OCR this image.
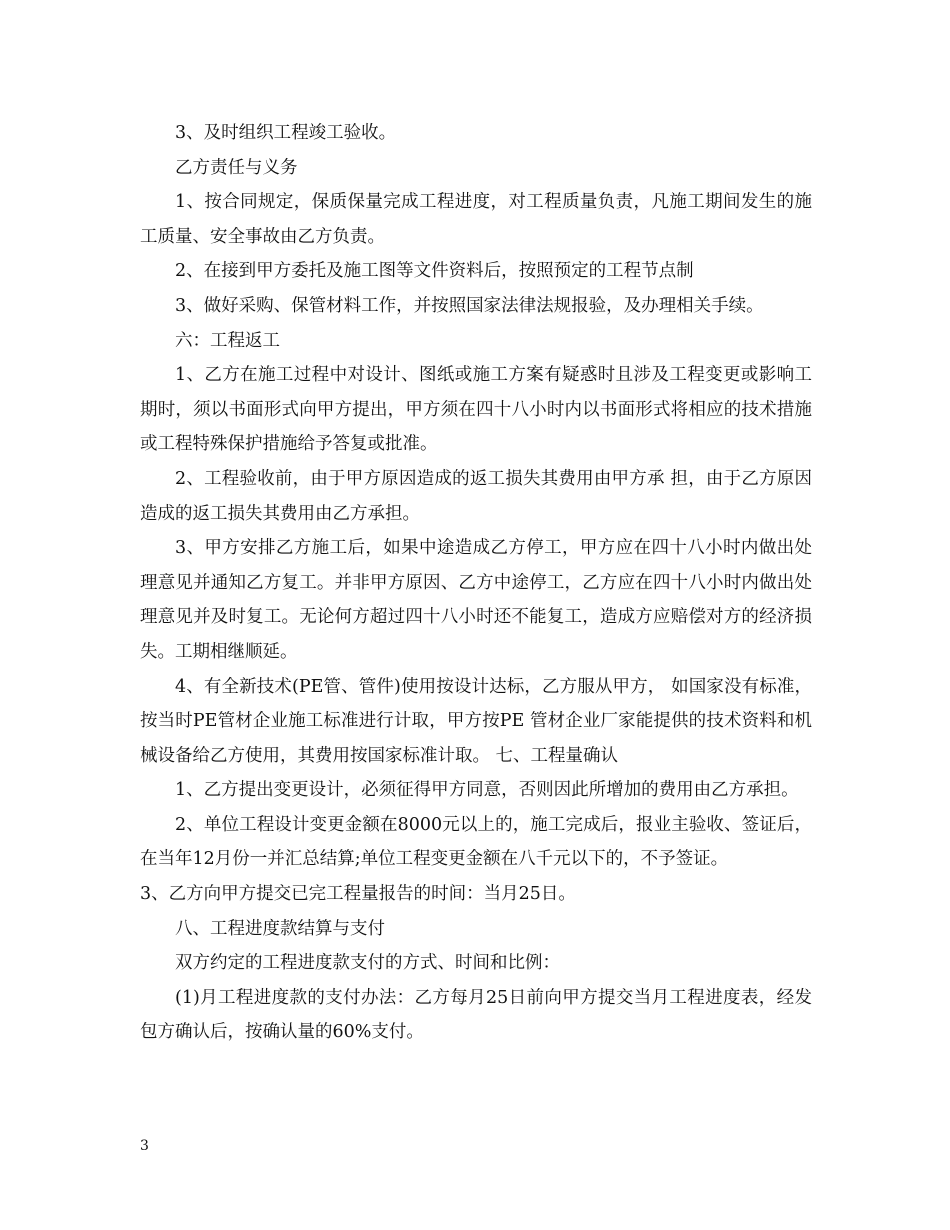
3、及时组织工程竣工验收。

乙方责任与义务

1、按合同规定，保质保量完成工程进度，对工程质量负责，凡施工期间发生的施工质量、安全事故由乙方负责。

2、在接到甲方委托及施工图等文件资料后，按照预定的工程节点制

3、做好采购、保管材料工作，并按照国家法律法规报验，及办理相关手续。

六：工程返工

1、乙方在施工过程中对设计、图纸或施工方案有疑惑时且涉及工程变更或影响工期时，须以书面形式向甲方提出，甲方须在四十八小时内以书面形式将相应的技术措施或工程特殊保护措施给予答复或批准。

2、工程验收前，由于甲方原因造成的返工损失其费用由甲方承 担，由于乙方原因造成的返工损失其费用由乙方承担。

3、甲方安排乙方施工后，如果中途造成乙方停工，甲方应在四十八小时内做出处理意见并通知乙方复工。并非甲方原因、乙方中途停工，乙方应在四十八小时内做出处理意见并及时复工。无论何方超过四十八小时还不能复工，造成方应赔偿对方的经济损失。工期相继顺延。

4、有全新技术(PE管、管件)使用按设计达标，乙方服从甲方， 如国家没有标准，按当时PE管材企业施工标准进行计取，甲方按PE 管材企业厂家能提供的技术资料和机械设备给乙方使用，其费用按国家标准计取。 七、工程量确认

1、乙方提出变更设计，必须征得甲方同意，否则因此所增加的费用由乙方承担。

2、单位工程设计变更金额在8000元以上的，施工完成后，报业主验收、签证后，在当年12月份一并汇总结算;单位工程变更金额在八千元以下的，不予签证。

3、乙方向甲方提交已完工程量报告的时间：当月25日。

八、工程进度款结算与支付

双方约定的工程进度款支付的方式、时间和比例：

(1)月工程进度款的支付办法：乙方每月25日前向甲方提交当月工程进度表，经发包方确认后，按确认量的60%支付。

3
